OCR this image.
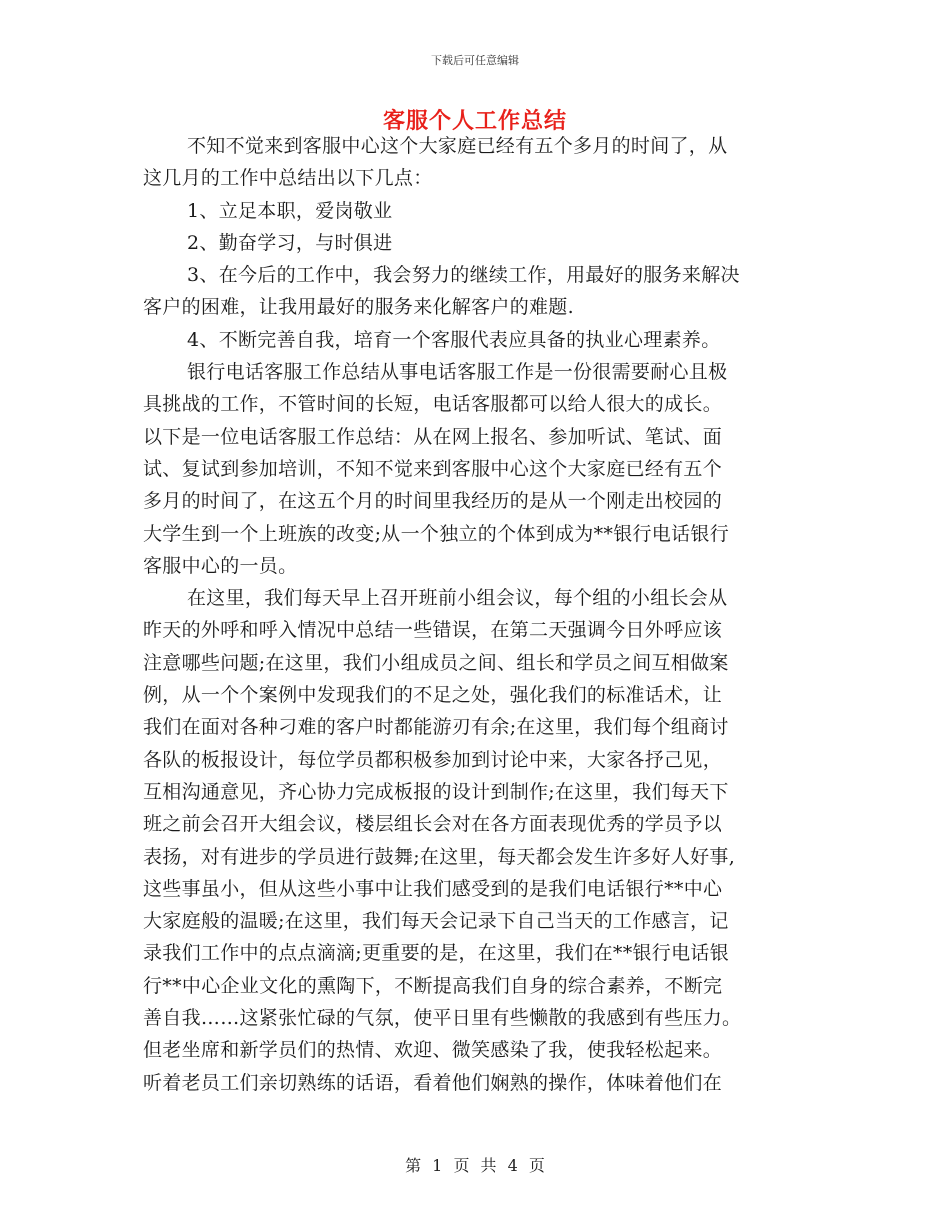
下载后可任意编辑
客服个人工作总结
不知不觉来到客服中心这个大家庭已经有五个多月的时间了，从
这几月的工作中总结出以下几点：
1、立足本职，爱岗敬业
2、勤奋学习，与时俱进
3、在今后的工作中，我会努力的继续工作，用最好的服务来解决
客户的困难，让我用最好的服务来化解客户的难题.
4、不断完善自我，培育一个客服代表应具备的执业心理素养。
银行电话客服工作总结从事电话客服工作是一份很需要耐心且极
具挑战的工作，不管时间的长短，电话客服都可以给人很大的成长。
以下是一位电话客服工作总结：从在网上报名、参加听试、笔试、面
试、复试到参加培训，不知不觉来到客服中心这个大家庭已经有五个
多月的时间了，在这五个月的时间里我经历的是从一个刚走出校园的
大学生到一个上班族的改变;从一个独立的个体到成为**银行电话银行
客服中心的一员。
在这里，我们每天早上召开班前小组会议，每个组的小组长会从
昨天的外呼和呼入情况中总结一些错误，在第二天强调今日外呼应该
注意哪些问题;在这里，我们小组成员之间、组长和学员之间互相做案
例，从一个个案例中发现我们的不足之处，强化我们的标准话术，让
我们在面对各种刁难的客户时都能游刃有余;在这里，我们每个组商讨
各队的板报设计，每位学员都积极参加到讨论中来，大家各抒己见，
互相沟通意见，齐心协力完成板报的设计到制作;在这里，我们每天下
班之前会召开大组会议，楼层组长会对在各方面表现优秀的学员予以
表扬，对有进步的学员进行鼓舞;在这里，每天都会发生许多好人好事,
这些事虽小，但从这些小事中让我们感受到的是我们电话银行**中心
大家庭般的温暖;在这里，我们每天会记录下自己当天的工作感言，记
录我们工作中的点点滴滴;更重要的是，在这里，我们在**银行电话银
行**中心企业文化的熏陶下，不断提高我们自身的综合素养，不断完
善自我……这紧张忙碌的气氛，使平日里有些懒散的我感到有些压力。
但老坐席和新学员们的热情、欢迎、微笑感染了我，使我轻松起来。
听着老员工们亲切熟练的话语，看着他们娴熟的操作，体味着他们在
第 1 页 共 4 页
